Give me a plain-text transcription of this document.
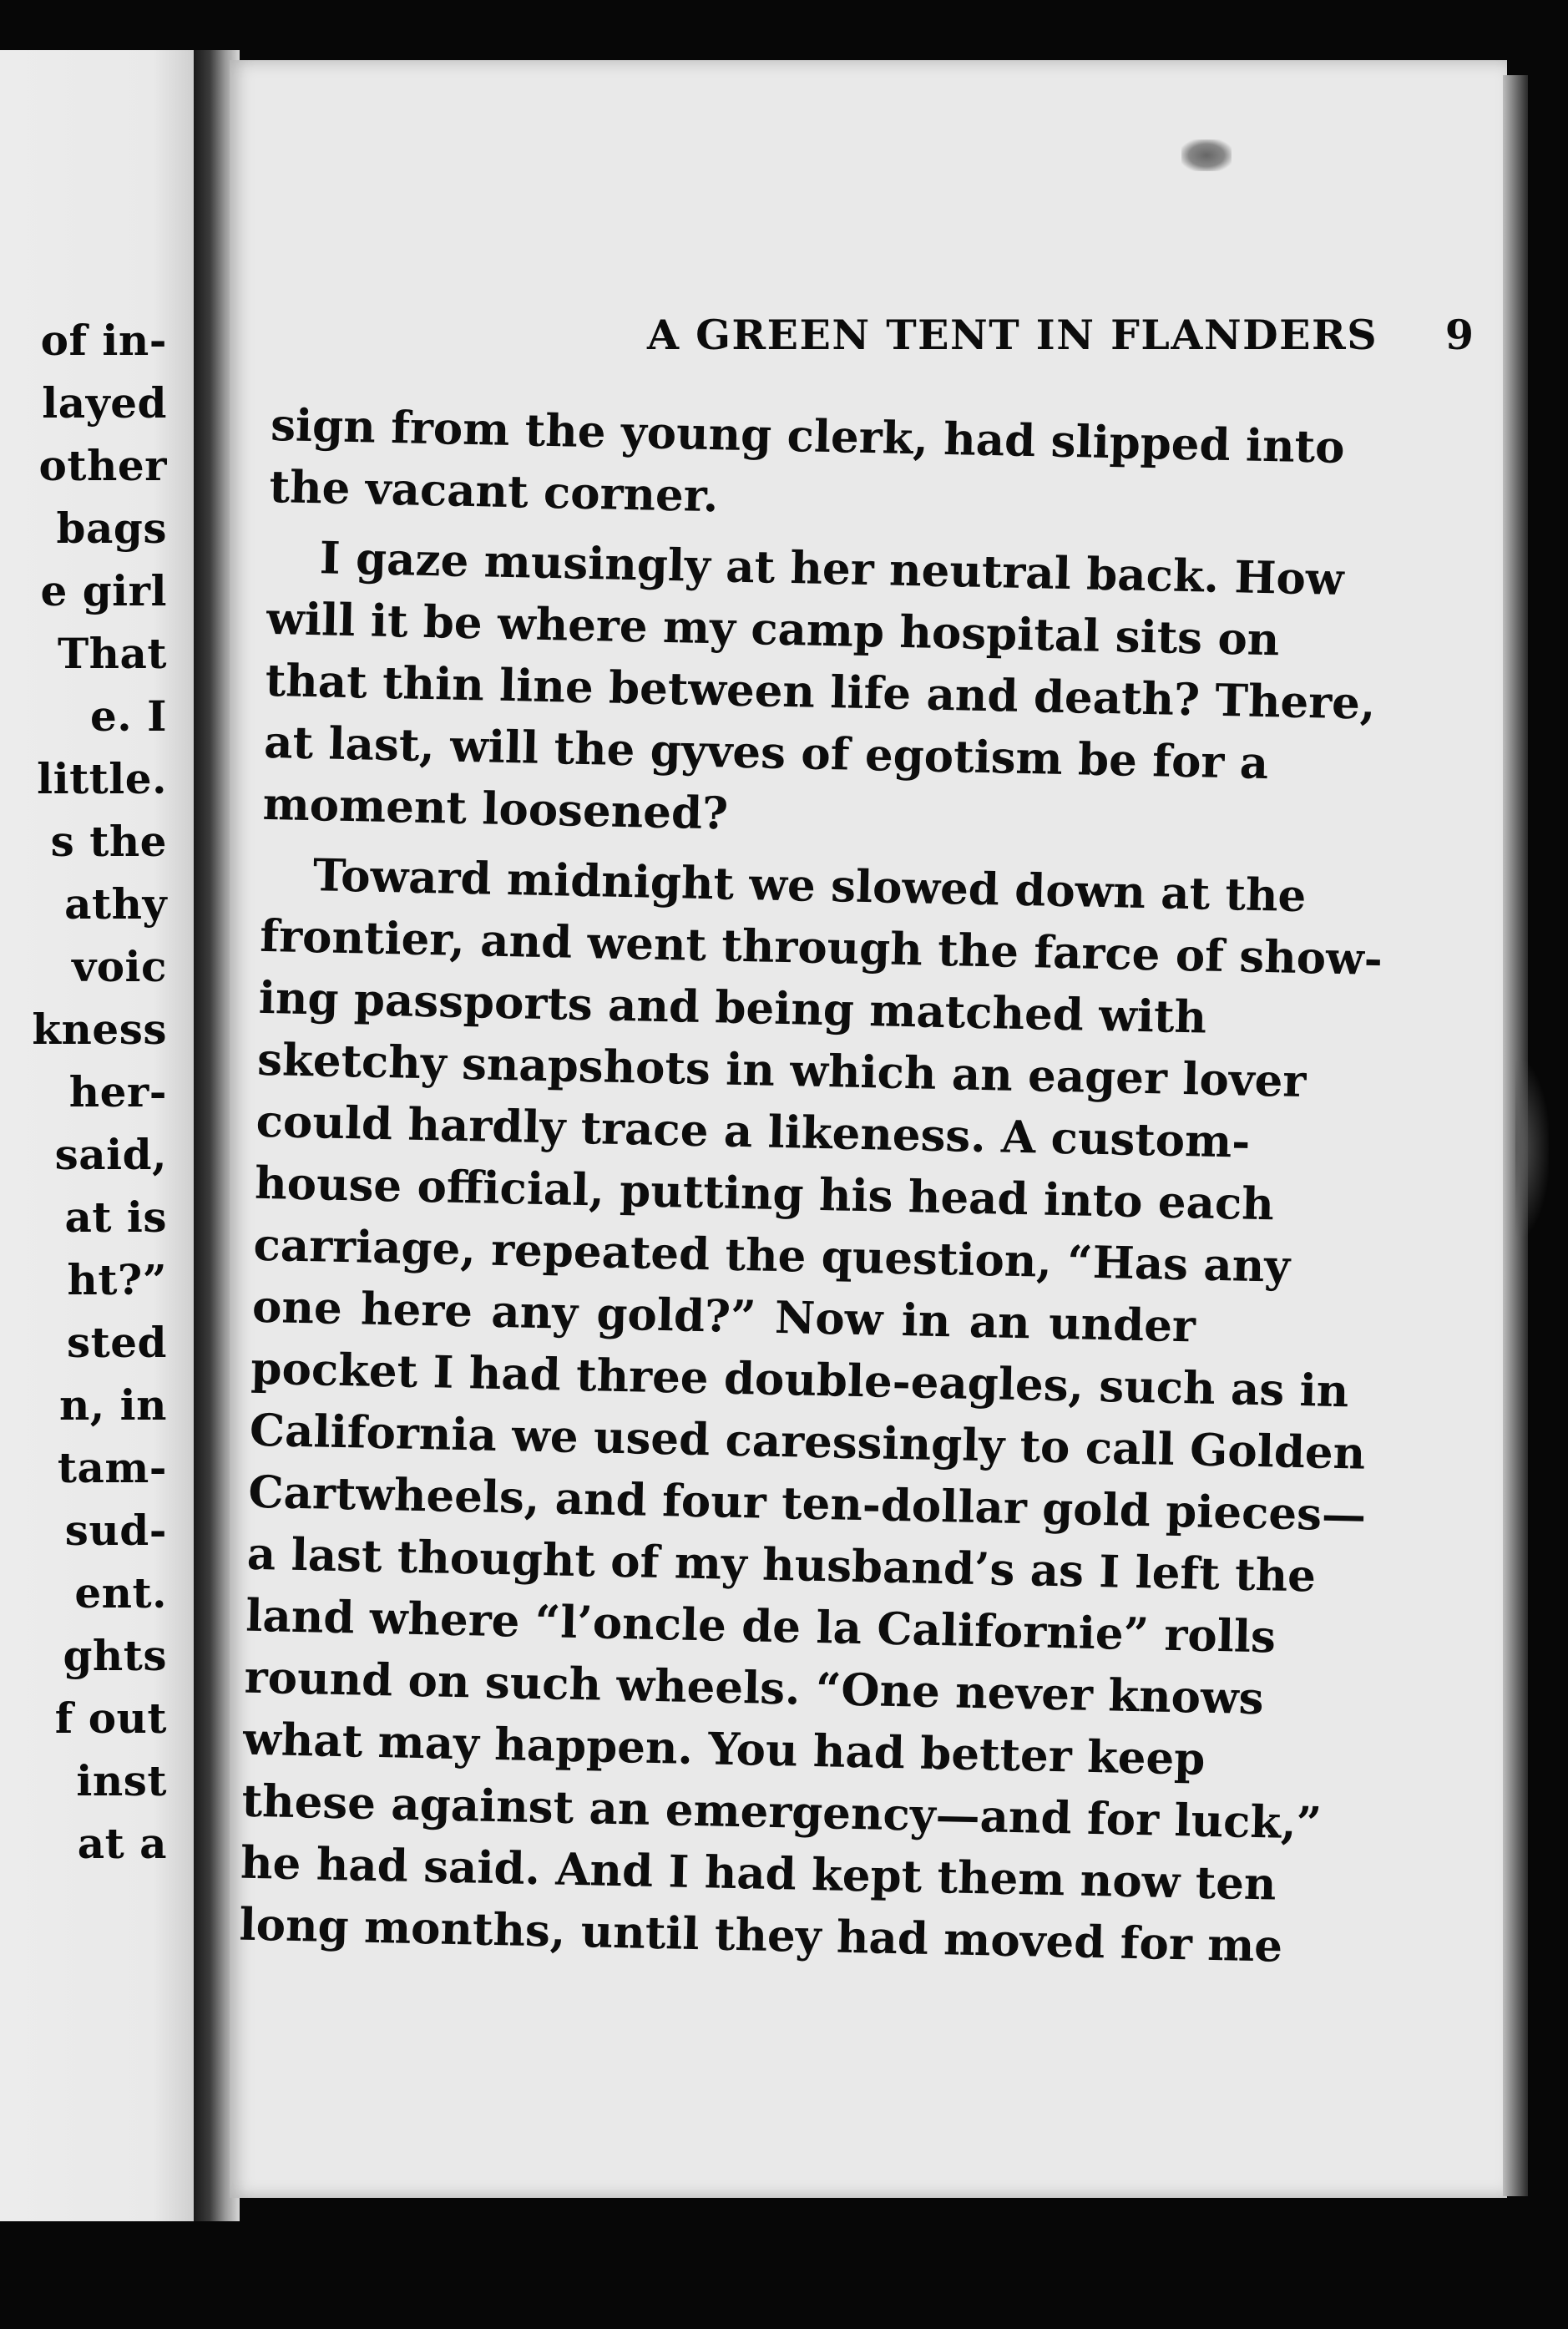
of in-
layed
other
bags
e girl
That
e. I
little.
s the
athy
voic
kness
her-
said,
at is
ht?”
sted
n, in
tam-
sud-
ent.
ghts
f out
inst
at a
A GREEN TENT IN FLANDERS 9
sign from the young clerk, had slipped into
the vacant corner.
I gaze musingly at her neutral back. How
will it be where my camp hospital sits on
that thin line between life and death? There,
at last, will the gyves of egotism be for a
moment loosened?
Toward midnight we slowed down at the
frontier, and went through the farce of show-
ing passports and being matched with
sketchy snapshots in which an eager lover
could hardly trace a likeness. A custom-
house official, putting his head into each
carriage, repeated the question, “Has any
one here any gold?” Now in an under
pocket I had three double-eagles, such as in
California we used caressingly to call Golden
Cartwheels, and four ten-dollar gold pieces—
a last thought of my husband’s as I left the
land where “l’oncle de la Californie” rolls
round on such wheels. “One never knows
what may happen. You had better keep
these against an emergency—and for luck,”
he had said. And I had kept them now ten
long months, until they had moved for me
